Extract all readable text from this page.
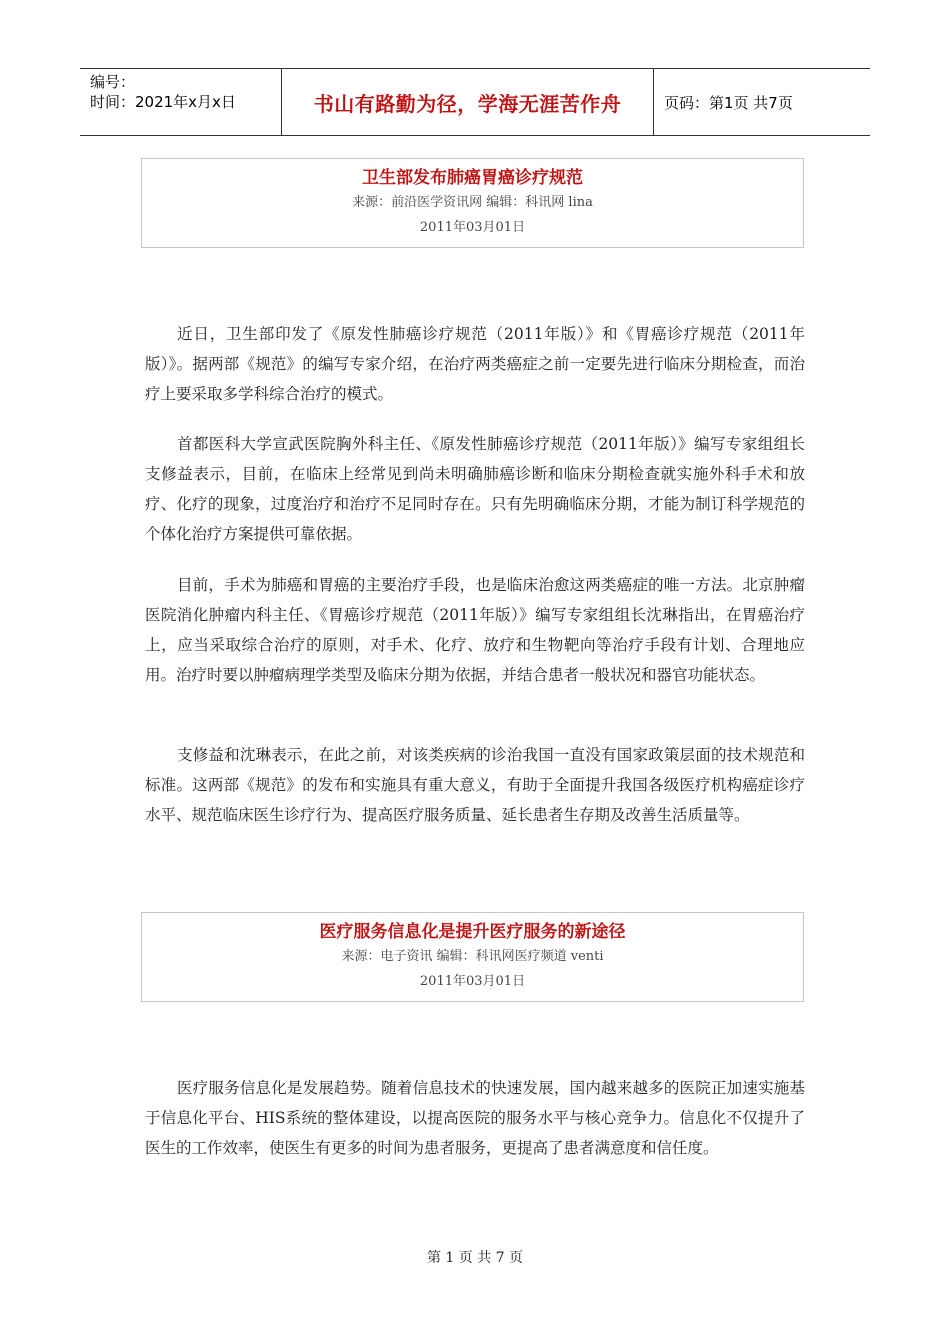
编号：
时间：2021年x月x日	书山有路勤为径，学海无涯苦作舟	页码：第1页 共7页
卫生部发布肺癌胃癌诊疗规范
来源：前沿医学资讯网 编辑：科讯网 lina
2011年03月01日

近日，卫生部印发了《原发性肺癌诊疗规范（2011年版）》和《胃癌诊疗规范（2011年版）》。据两部《规范》的编写专家介绍，在治疗两类癌症之前一定要先进行临床分期检查，而治疗上要采取多学科综合治疗的模式。

首都医科大学宣武医院胸外科主任、《原发性肺癌诊疗规范（2011年版）》编写专家组组长支修益表示，目前，在临床上经常见到尚未明确肺癌诊断和临床分期检查就实施外科手术和放疗、化疗的现象，过度治疗和治疗不足同时存在。只有先明确临床分期，才能为制订科学规范的个体化治疗方案提供可靠依据。

目前，手术为肺癌和胃癌的主要治疗手段，也是临床治愈这两类癌症的唯一方法。北京肿瘤医院消化肿瘤内科主任、《胃癌诊疗规范（2011年版）》编写专家组组长沈琳指出，在胃癌治疗上，应当采取综合治疗的原则，对手术、化疗、放疗和生物靶向等治疗手段有计划、合理地应用。治疗时要以肿瘤病理学类型及临床分期为依据，并结合患者一般状况和器官功能状态。

支修益和沈琳表示，在此之前，对该类疾病的诊治我国一直没有国家政策层面的技术规范和标准。这两部《规范》的发布和实施具有重大意义，有助于全面提升我国各级医疗机构癌症诊疗水平、规范临床医生诊疗行为、提高医疗服务质量、延长患者生存期及改善生活质量等。

医疗服务信息化是提升医疗服务的新途径
来源：电子资讯 编辑：科讯网医疗频道 venti
2011年03月01日

医疗服务信息化是发展趋势。随着信息技术的快速发展，国内越来越多的医院正加速实施基于信息化平台、HIS系统的整体建设，以提高医院的服务水平与核心竞争力。信息化不仅提升了医生的工作效率，使医生有更多的时间为患者服务，更提高了患者满意度和信任度。

第 1 页 共 7 页
